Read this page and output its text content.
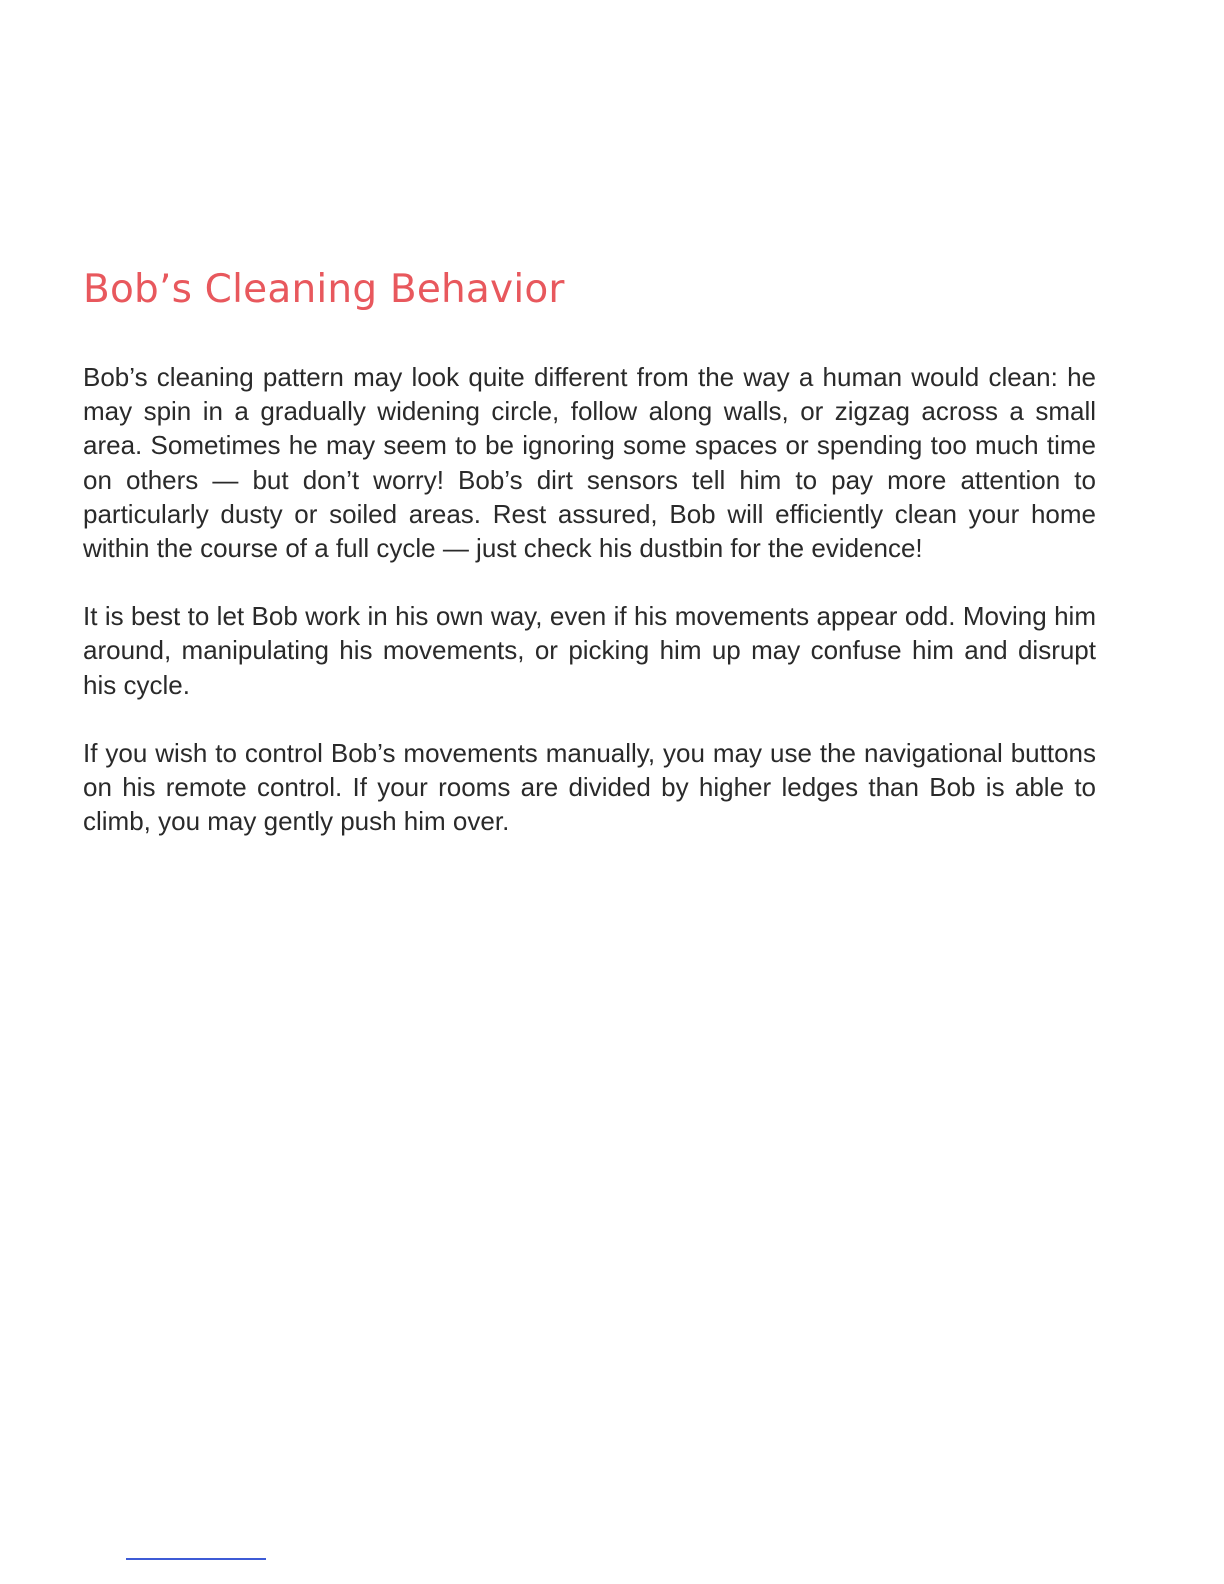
Bob’s Cleaning Behavior

Bob’s cleaning pattern may look quite different from the way a human would clean: he may spin in a gradually widening circle, follow along walls, or zigzag across a small area. Sometimes he may seem to be ignoring some spaces or spending too much time on others — but don’t worry! Bob’s dirt sensors tell him to pay more attention to particularly dusty or soiled areas. Rest assured, Bob will efficiently clean your home within the course of a full cycle — just check his dustbin for the evidence!

It is best to let Bob work in his own way, even if his movements appear odd. Moving him around, manipulating his movements, or picking him up may confuse him and disrupt his cycle.

If you wish to control Bob’s movements manually, you may use the navigational buttons on his remote control. If your rooms are divided by higher ledges than Bob is able to climb, you may gently push him over.
